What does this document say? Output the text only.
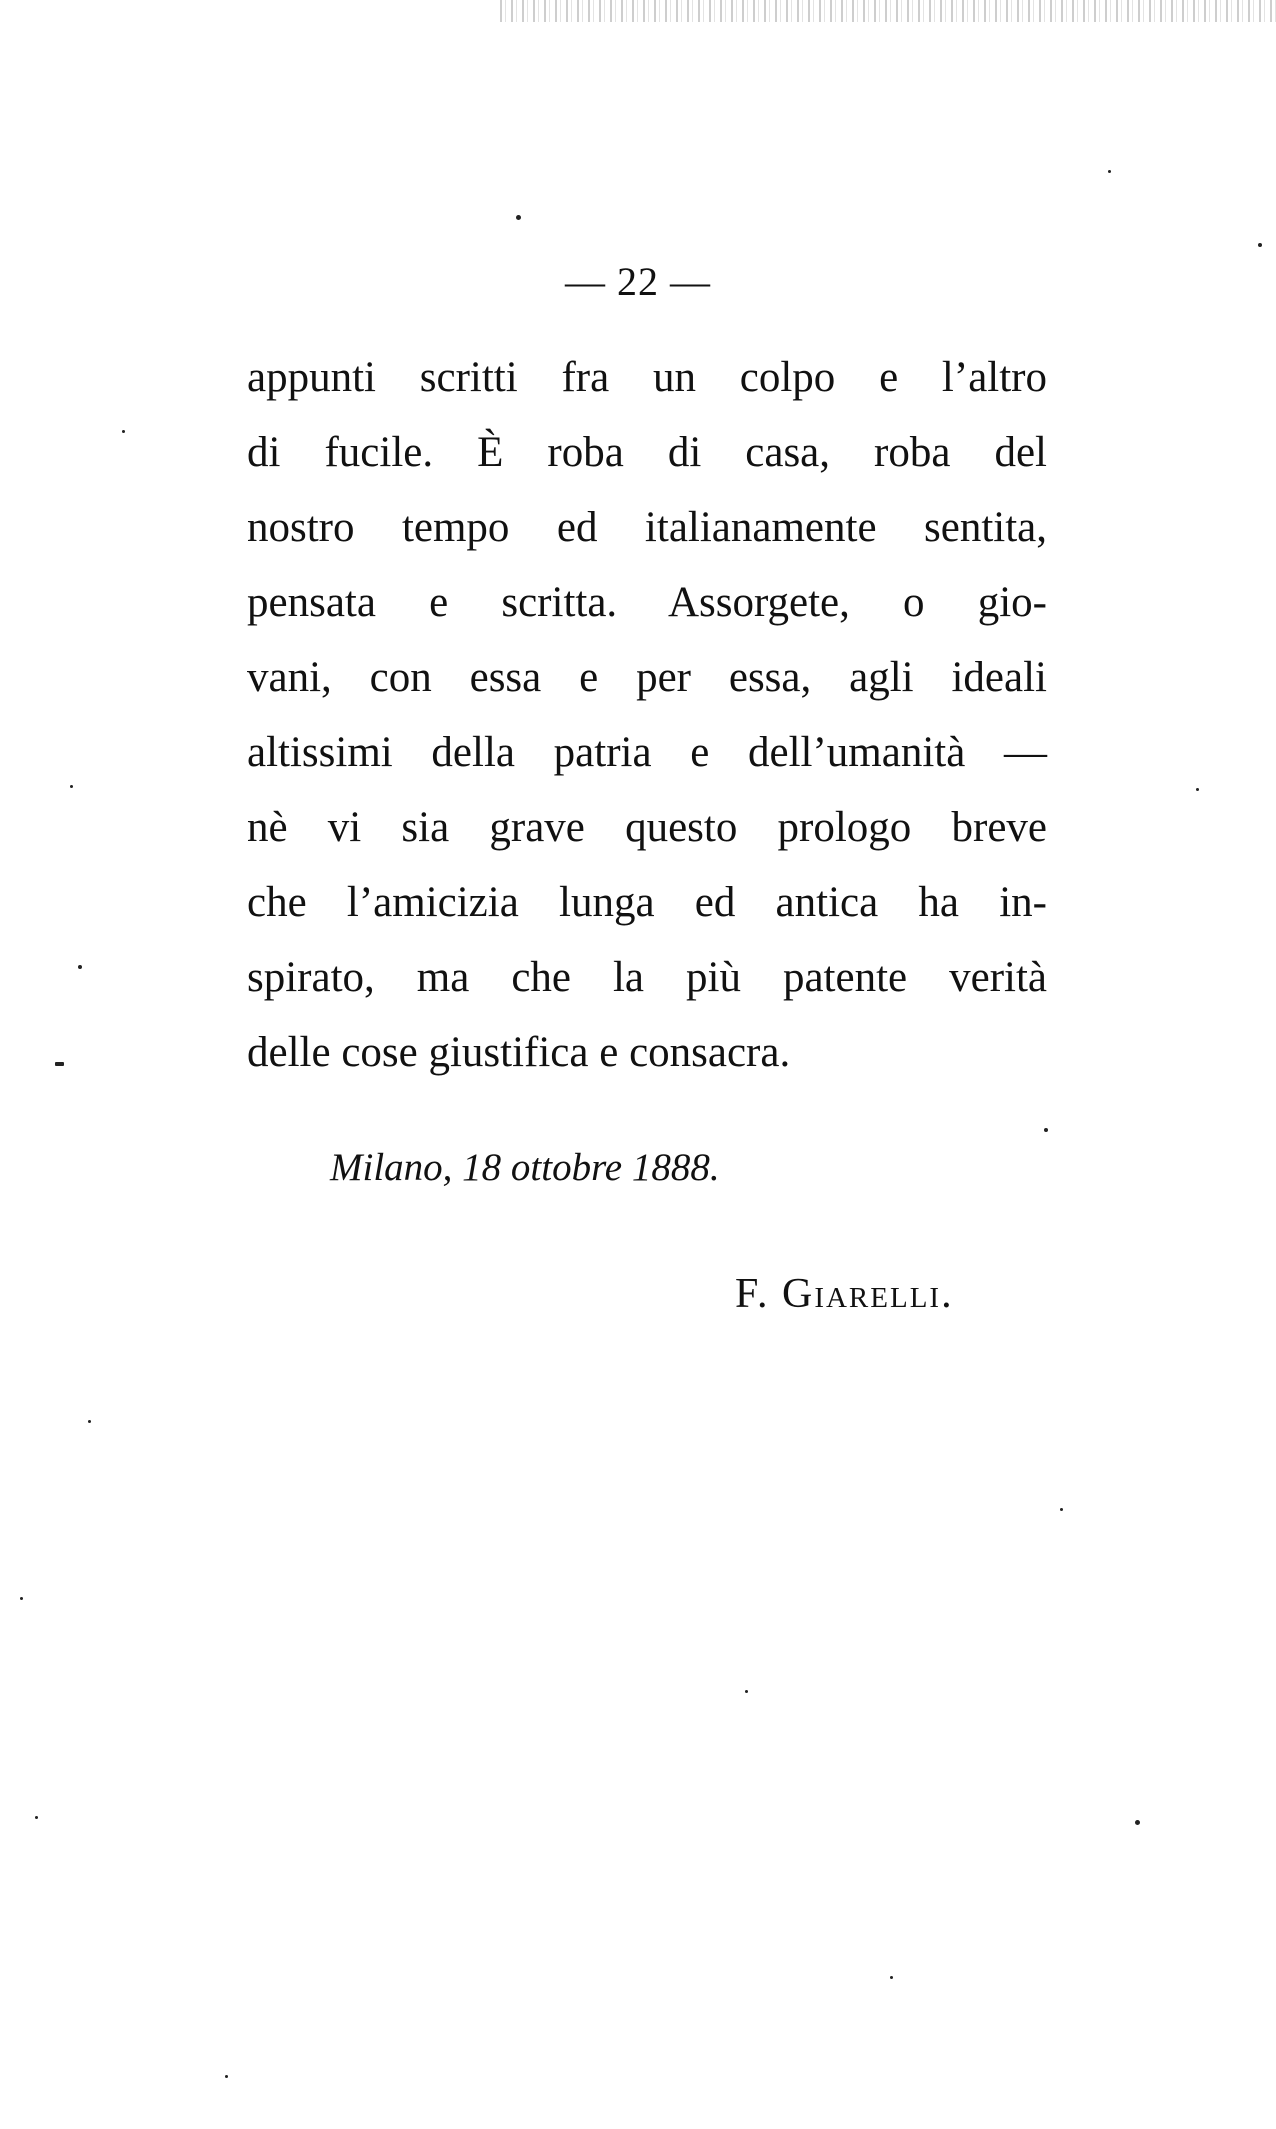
— 22 —
appunti scritti fra un colpo e l’altro
di fucile. È roba di casa, roba del
nostro tempo ed italianamente sentita,
pensata e scritta. Assorgete, o gio-
vani, con essa e per essa, agli ideali
altissimi della patria e dell’umanità —
nè vi sia grave questo prologo breve
che l’amicizia lunga ed antica ha in-
spirato, ma che la più patente verità
delle cose giustifica e consacra.
Milano, 18 ottobre 1888.
F. Giarelli.
